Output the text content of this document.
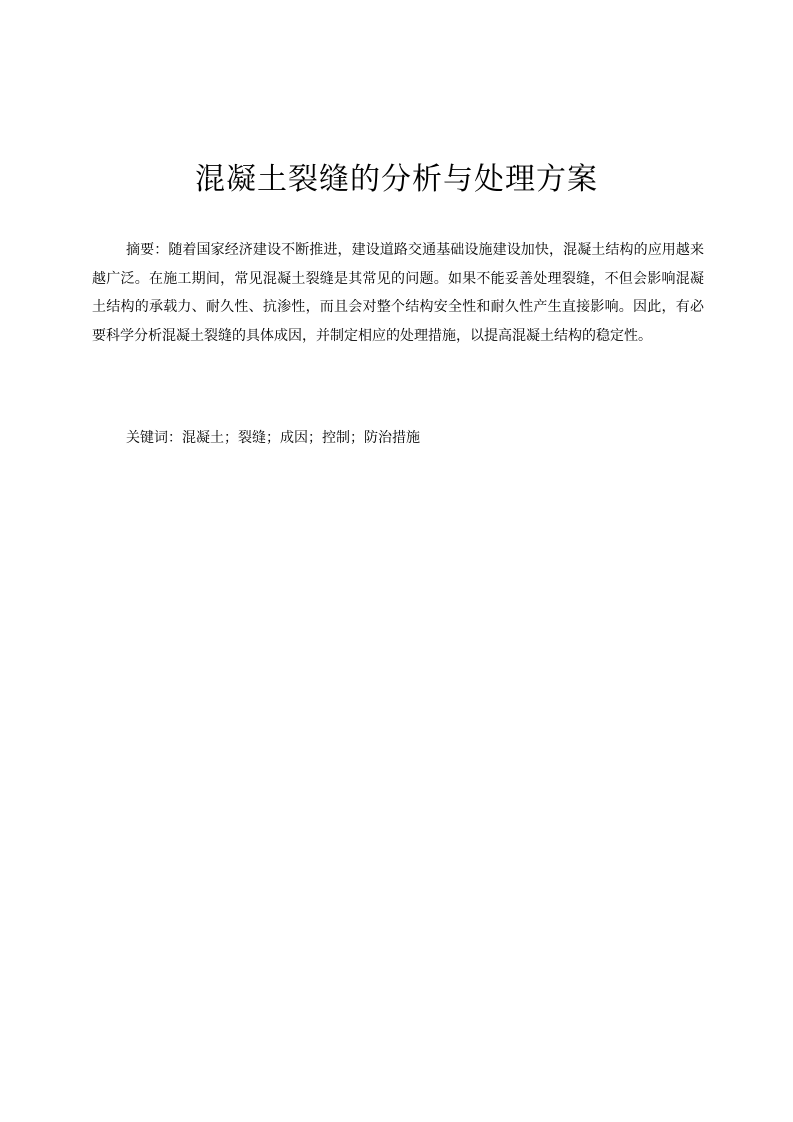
混凝土裂缝的分析与处理方案

摘要：随着国家经济建设不断推进，建设道路交通基础设施建设加快，混凝土结构的应用越来越广泛。在施工期间，常见混凝土裂缝是其常见的问题。如果不能妥善处理裂缝，不但会影响混凝土结构的承载力、耐久性、抗渗性，而且会对整个结构安全性和耐久性产生直接影响。因此，有必要科学分析混凝土裂缝的具体成因，并制定相应的处理措施，以提高混凝土结构的稳定性。

关键词：混凝土；裂缝；成因；控制；防治措施
